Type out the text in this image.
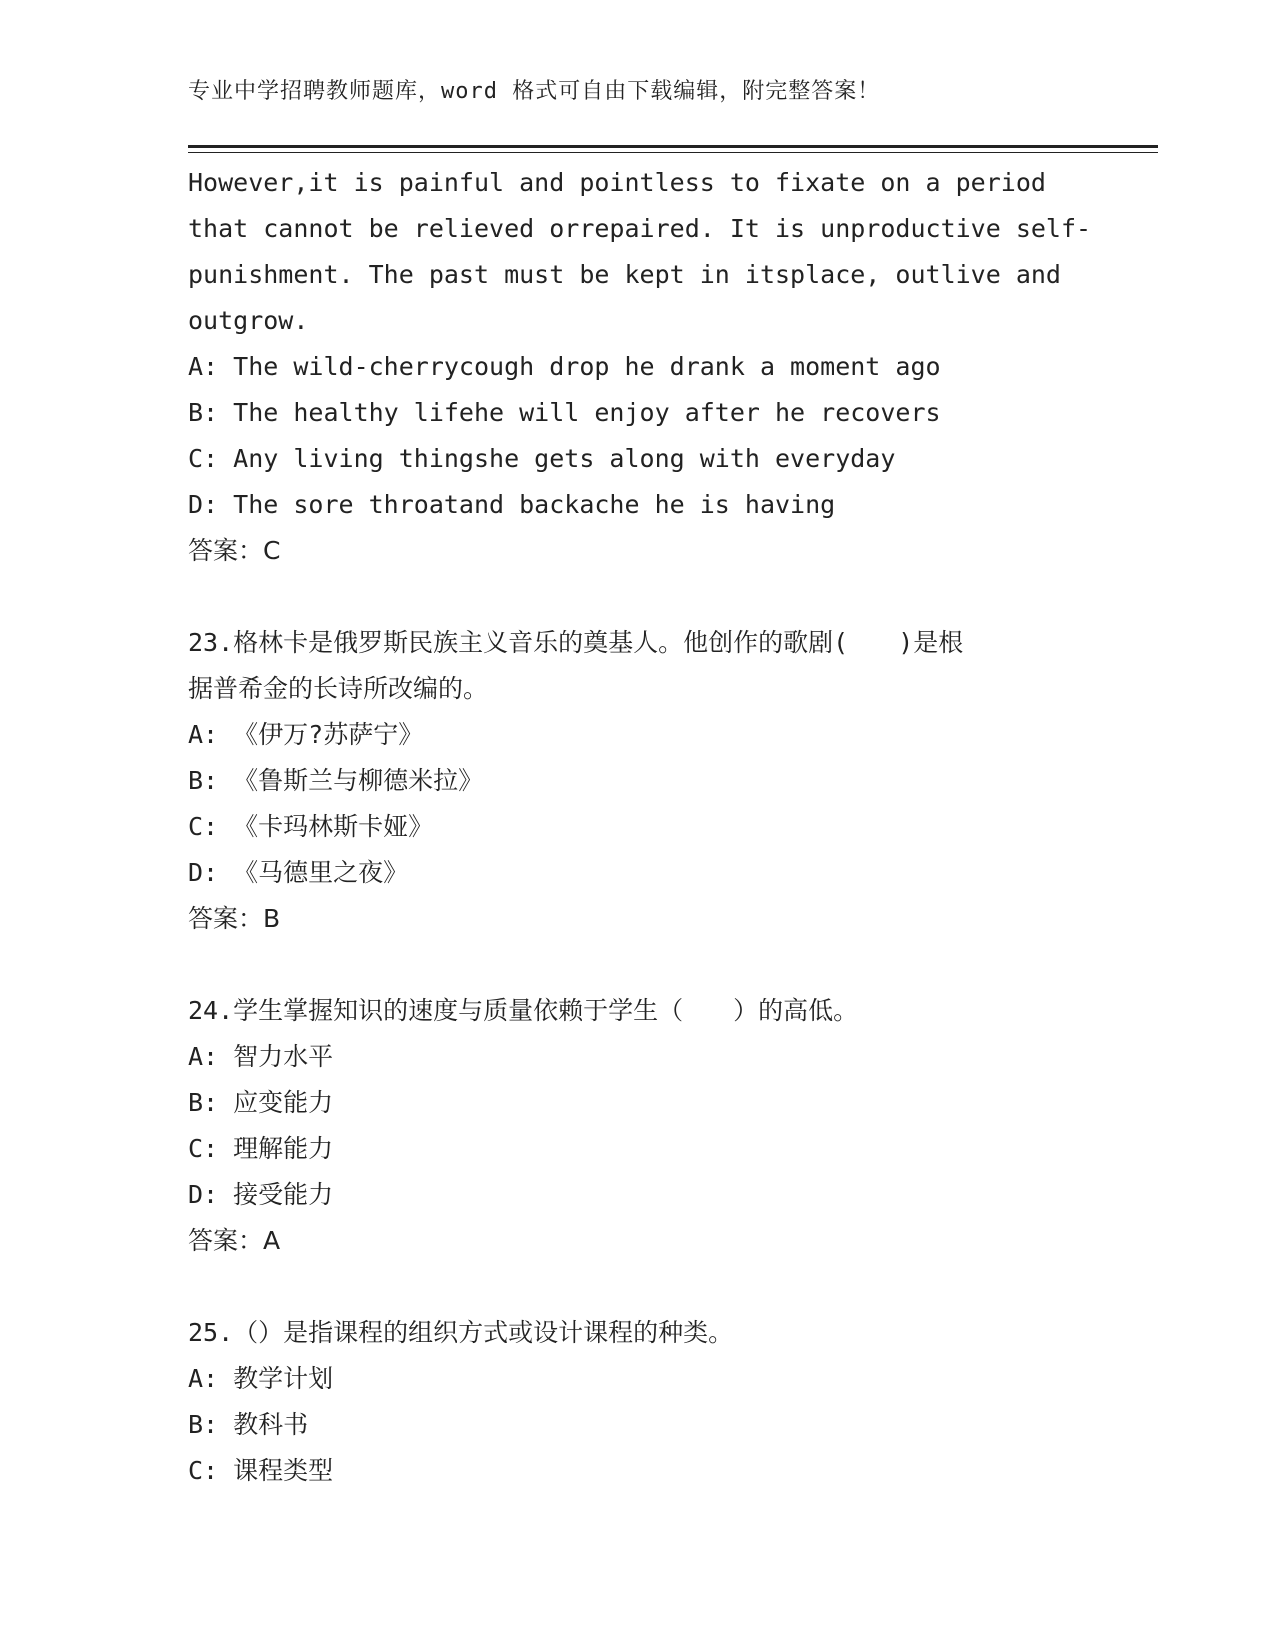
专业中学招聘教师题库，word 格式可自由下载编辑，附完整答案！
However,it is painful and pointless to fixate on a period
that cannot be relieved orrepaired. It is unproductive self-
punishment. The past must be kept in itsplace, outlive and
outgrow.
A: The wild-cherrycough drop he drank a moment ago
B: The healthy lifehe will enjoy after he recovers
C: Any living thingshe gets along with everyday
D: The sore throatand backache he is having
答案：C
23.格林卡是俄罗斯民族主义音乐的奠基人。他创作的歌剧(　　)是根
据普希金的长诗所改编的。
A: 《伊万?苏萨宁》
B: 《鲁斯兰与柳德米拉》
C: 《卡玛林斯卡娅》
D: 《马德里之夜》
答案：B
24.学生掌握知识的速度与质量依赖于学生（　　）的高低。
A: 智力水平
B: 应变能力
C: 理解能力
D: 接受能力
答案：A
25.（）是指课程的组织方式或设计课程的种类。
A: 教学计划
B: 教科书
C: 课程类型
